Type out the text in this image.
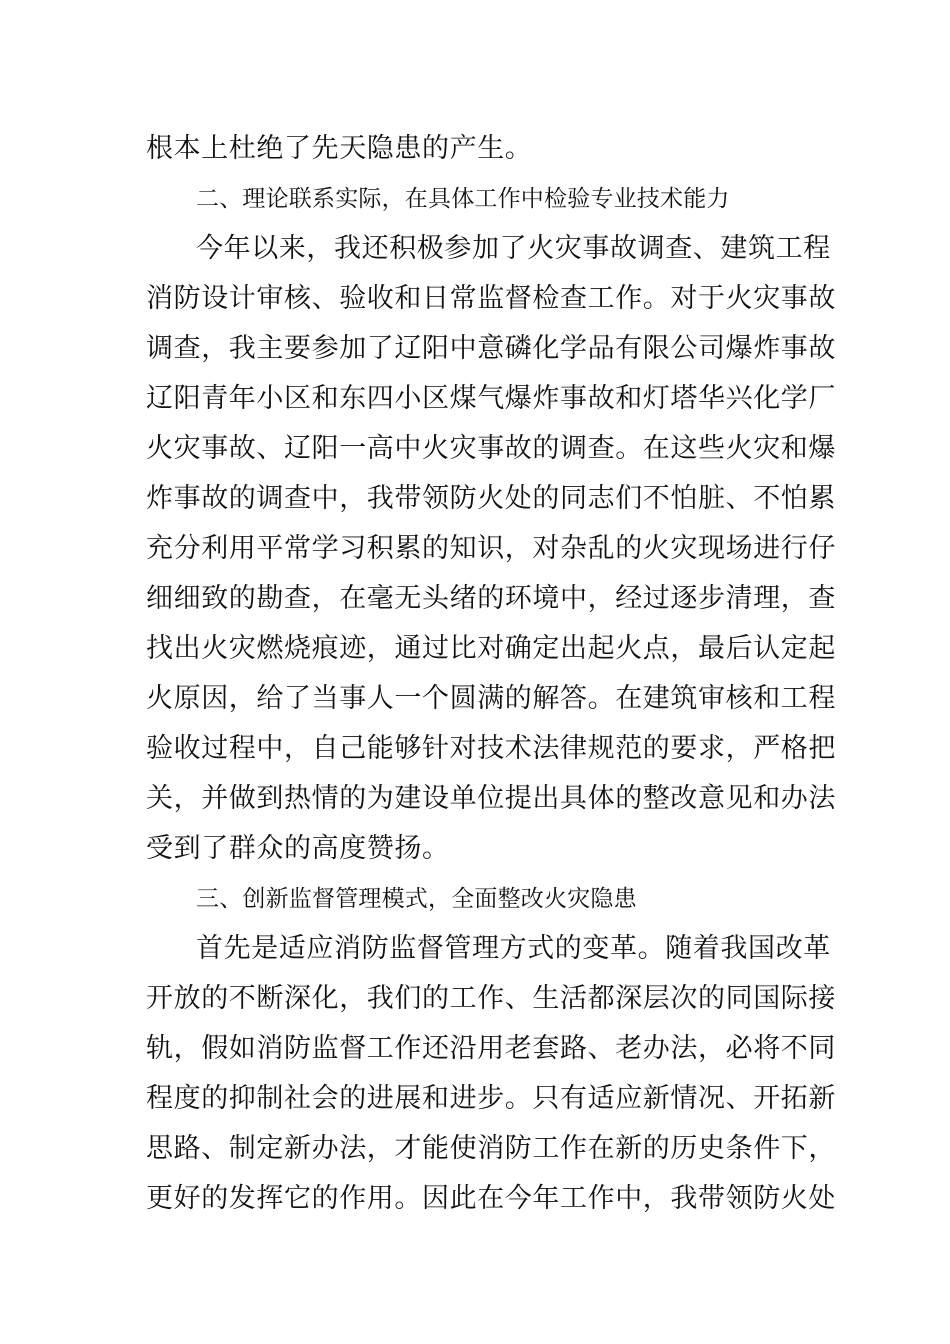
根本上杜绝了先天隐患的产生。
二、理论联系实际，在具体工作中检验专业技术能力
今年以来，我还积极参加了火灾事故调查、建筑工程
消防设计审核、验收和日常监督检查工作。对于火灾事故
调查，我主要参加了辽阳中意磷化学品有限公司爆炸事故
辽阳青年小区和东四小区煤气爆炸事故和灯塔华兴化学厂
火灾事故、辽阳一高中火灾事故的调查。在这些火灾和爆
炸事故的调查中，我带领防火处的同志们不怕脏、不怕累
充分利用平常学习积累的知识，对杂乱的火灾现场进行仔
细细致的勘查，在毫无头绪的环境中，经过逐步清理，查
找出火灾燃烧痕迹，通过比对确定出起火点，最后认定起
火原因，给了当事人一个圆满的解答。在建筑审核和工程
验收过程中，自己能够针对技术法律规范的要求，严格把
关，并做到热情的为建设单位提出具体的整改意见和办法
受到了群众的高度赞扬。
三、创新监督管理模式，全面整改火灾隐患
首先是适应消防监督管理方式的变革。随着我国改革
开放的不断深化，我们的工作、生活都深层次的同国际接
轨，假如消防监督工作还沿用老套路、老办法，必将不同
程度的抑制社会的进展和进步。只有适应新情况、开拓新
思路、制定新办法，才能使消防工作在新的历史条件下，
更好的发挥它的作用。因此在今年工作中，我带领防火处
